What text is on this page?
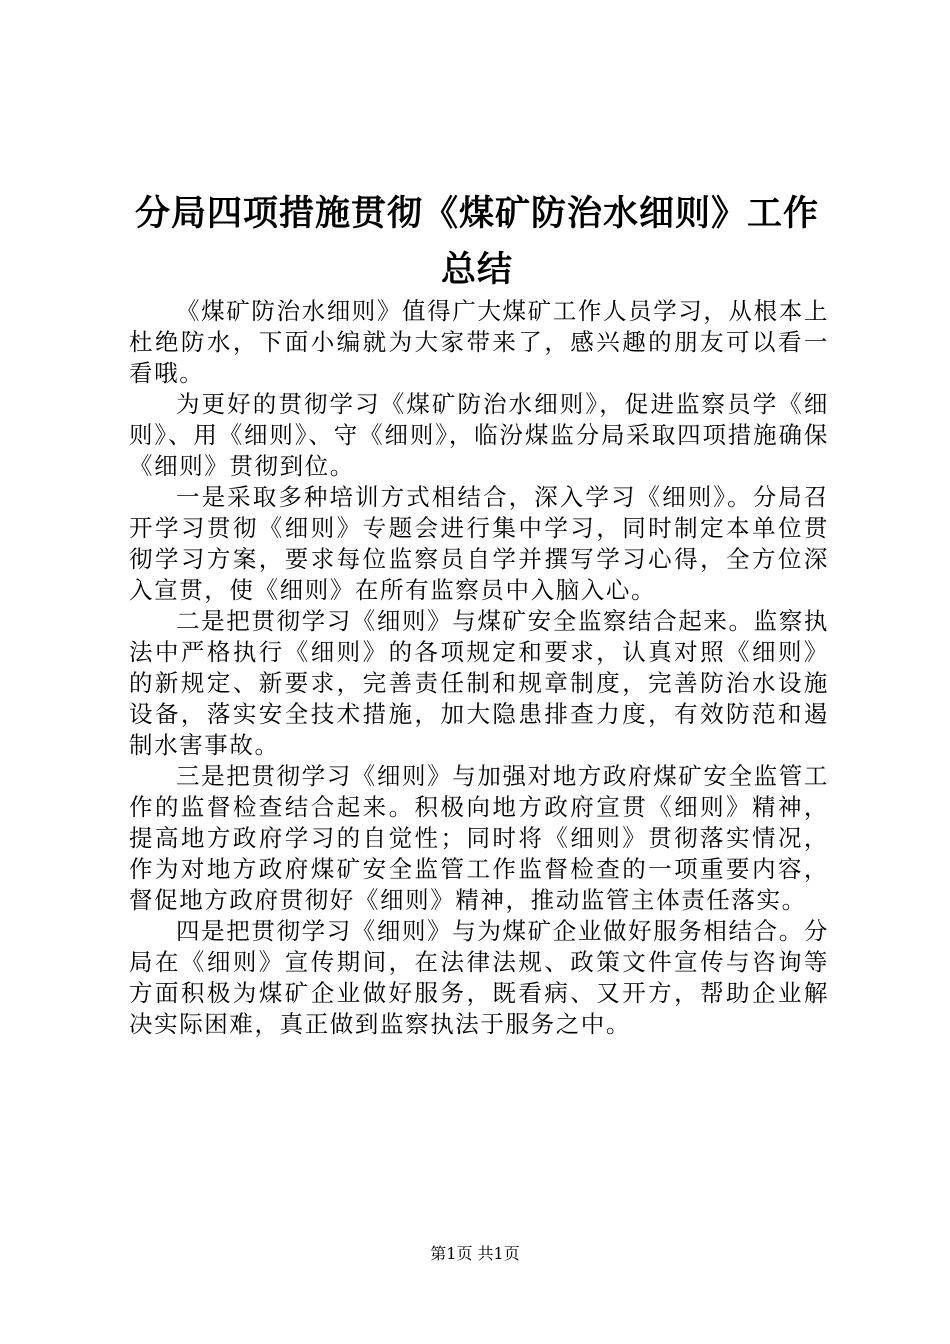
分局四项措施贯彻《煤矿防治水细则》工作总结

《煤矿防治水细则》值得广大煤矿工作人员学习，从根本上杜绝防水，下面小编就为大家带来了，感兴趣的朋友可以看一看哦。

为更好的贯彻学习《煤矿防治水细则》，促进监察员学《细则》、用《细则》、守《细则》，临汾煤监分局采取四项措施确保《细则》贯彻到位。

一是采取多种培训方式相结合，深入学习《细则》。分局召开学习贯彻《细则》专题会进行集中学习，同时制定本单位贯彻学习方案，要求每位监察员自学并撰写学习心得，全方位深入宣贯，使《细则》在所有监察员中入脑入心。

二是把贯彻学习《细则》与煤矿安全监察结合起来。监察执法中严格执行《细则》的各项规定和要求，认真对照《细则》的新规定、新要求，完善责任制和规章制度，完善防治水设施设备，落实安全技术措施，加大隐患排查力度，有效防范和遏制水害事故。

三是把贯彻学习《细则》与加强对地方政府煤矿安全监管工作的监督检查结合起来。积极向地方政府宣贯《细则》精神，提高地方政府学习的自觉性；同时将《细则》贯彻落实情况，作为对地方政府煤矿安全监管工作监督检查的一项重要内容，督促地方政府贯彻好《细则》精神，推动监管主体责任落实。

四是把贯彻学习《细则》与为煤矿企业做好服务相结合。分局在《细则》宣传期间，在法律法规、政策文件宣传与咨询等方面积极为煤矿企业做好服务，既看病、又开方，帮助企业解决实际困难，真正做到监察执法于服务之中。

第1页 共1页
